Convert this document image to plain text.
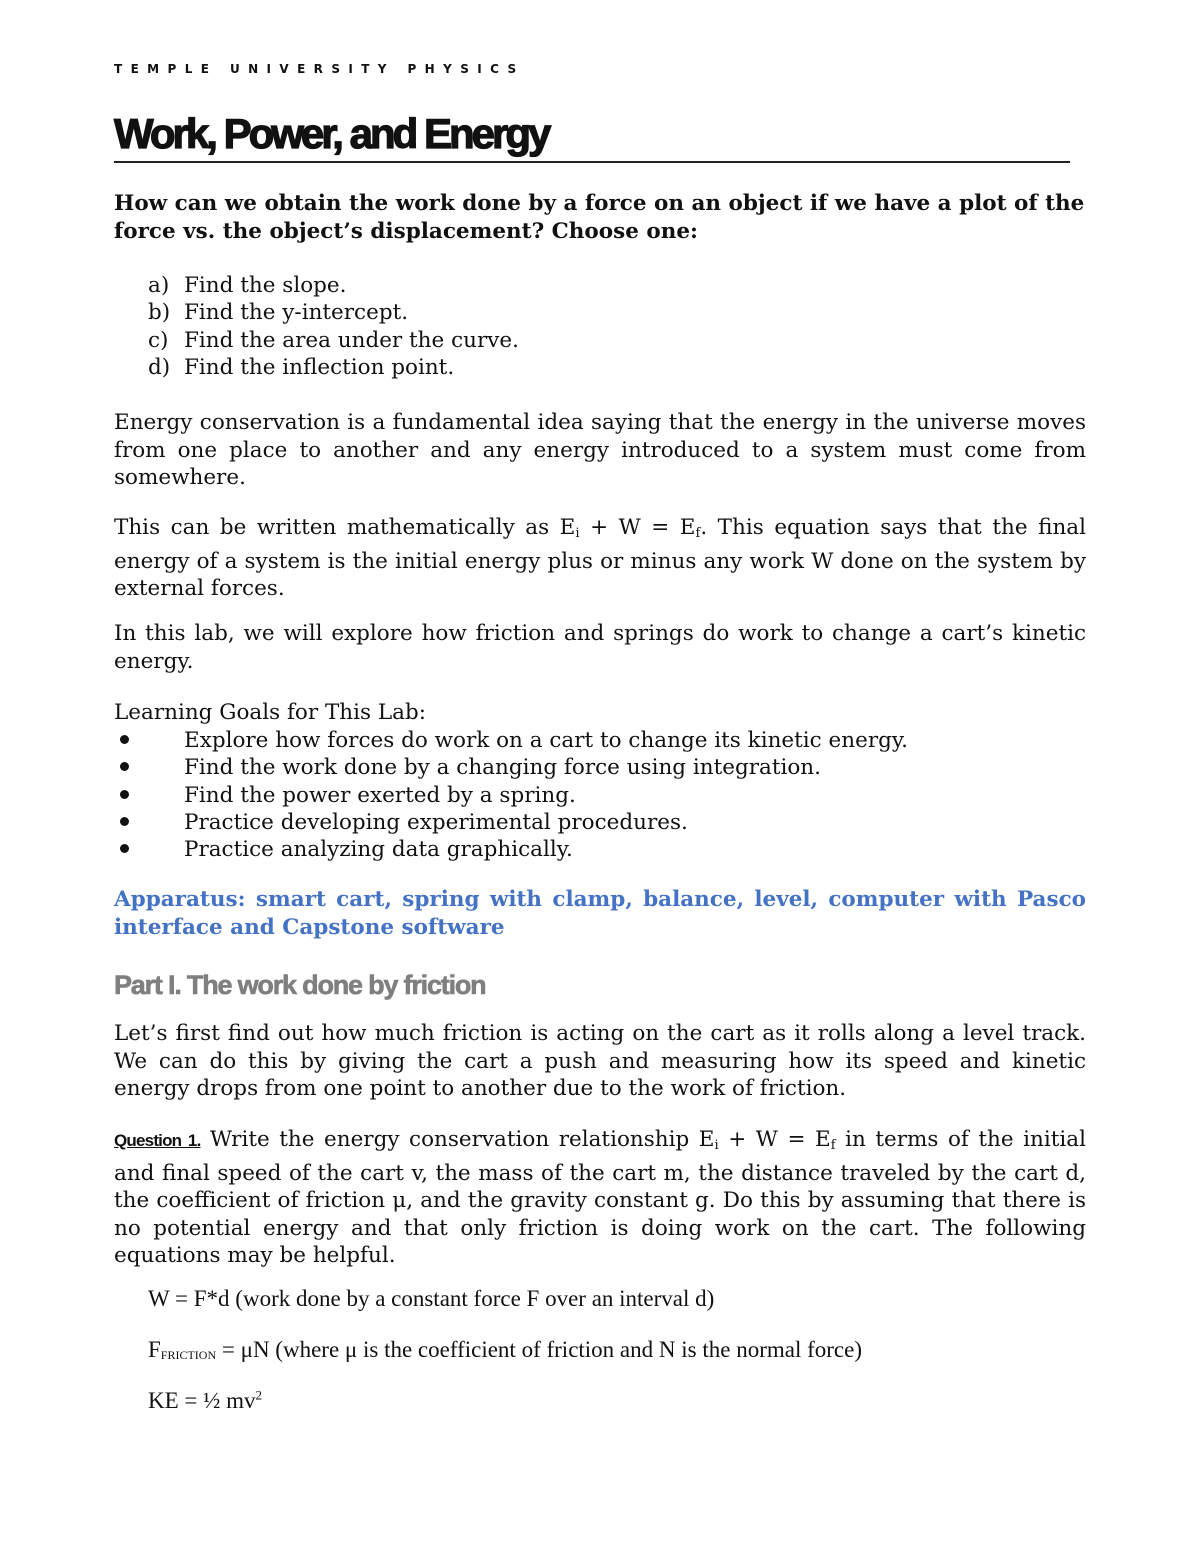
TEMPLE UNIVERSITY PHYSICS
Work, Power, and Energy
How can we obtain the work done by a force on an object if we have a plot of the force vs. the object’s displacement? Choose one:
a) Find the slope.
b) Find the y-intercept.
c) Find the area under the curve.
d) Find the inflection point.
Energy conservation is a fundamental idea saying that the energy in the universe moves from one place to another and any energy introduced to a system must come from somewhere.
This can be written mathematically as $E_i + W = E_f$. This equation says that the final energy of a system is the initial energy plus or minus any work W done on the system by external forces.
In this lab, we will explore how friction and springs do work to change a cart’s kinetic energy.
Learning Goals for This Lab:
Explore how forces do work on a cart to change its kinetic energy.
Find the work done by a changing force using integration.
Find the power exerted by a spring.
Practice developing experimental procedures.
Practice analyzing data graphically.
Apparatus: smart cart, spring with clamp, balance, level, computer with Pasco interface and Capstone software
Part I. The work done by friction
Let’s first find out how much friction is acting on the cart as it rolls along a level track. We can do this by giving the cart a push and measuring how its speed and kinetic energy drops from one point to another due to the work of friction.
Question 1. Write the energy conservation relationship $E_i + W = E_f$ in terms of the initial and final speed of the cart v, the mass of the cart m, the distance traveled by the cart d, the coefficient of friction μ, and the gravity constant g. Do this by assuming that there is no potential energy and that only friction is doing work on the cart. The following equations may be helpful.
W = F*d (work done by a constant force F over an interval d)
FFRICTION = μN (where μ is the coefficient of friction and N is the normal force)
KE = ½ $mv^2$
